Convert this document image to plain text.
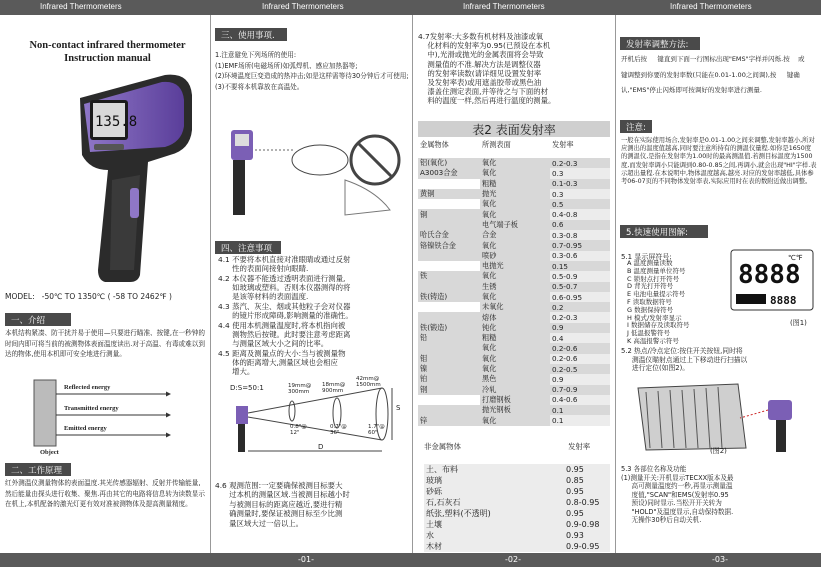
Infrared Thermometers	Infrared Thermometers	Infrared Thermometers	Infrared Thermometers
Non-contact infrared thermometer
Instruction manual
135.8
MODEL:   -50℃ TO 1350℃ ( -58 TO 2462℉ )
一、介绍
本机结构紧凑、防干扰并易于使用—只要进行瞄准、按键,在一秒钟的时间内即可将当前的被测物体表面温度读出.对于高温、有毒或难以到达的物体,使用本机即可安全地进行测量。
Reflected energy
Transmitted energy
Emitted energy
Object
二、工作原理
红外测温仪测量物体的表面温度.其光传感器辐射、反射并传输能量,然后能量由探头进行收集、聚焦.再由其它的电路将信息转为读数显示在机上,本机配备的激光灯更有效对准被测物体及提高测量精度。
三、使用事项.
1.注意避免下列场所的使用:
(1)EMF场所(电磁场所)如弧焊机、感应加热器等;
(2)环境温度巨变造成的热冲击;如是这样需等待30分钟后才可使用;
(3)不要将本机靠放在高温处。
四、注意事项
4.1 不要将本机直接对准眼睛或通过反射
性的表面间接射向眼睛.
4.2 本仪器不能透过透明表面进行测量,
如玻璃或塑料。否则本仪器测得的将
是该等材料的表面温度.
4.3 蒸汽、灰尘、烟或其他粒子会对仪器
的镜片形成障碍,影响测量的准确性。
4.4 使用本机测量温度时,将本机指向被
测物然后按键。此时要注意考虑距离
与测量区域大小之间的比率。
4.5 距离及测量点的大小:当与被测量物
体的距离增大,测量区域也会相应
增大。
D:S=50:1	19mm@
300mm
18mm@
900mm
42mm@
1500mm
0.8"@
12"
0.7"@
36"
1.7"@
60"
S
D
4.6 观测范围:一定要确保被测目标要大
过本机的测量区域.当被测目标越小时
与被测目标的距离应越近,要进行精
确测量时,要保证被测目标至少比测
量区域大过一倍以上。
4.7发射率:大多数有机材料及油漆或氧
化材料的发射率为0.95(已预设在本机
中),光滑或抛光的金属表面将会导致
测量值的不准.解决方法是调整仪器
的发射率读数(请详细见设置发射率
及发射率表)或用遮盖胶带或黑色油
漆盖住测定表面,并等待之与下面的材
料的温度一样,然后再进行温度的测量。
表2 表面发射率
金属物体	所测表面	发射率
铝(氧化)	氧化	0.2-0.3
A3003合金	氧化	0.3
	粗糙	0.1-0.3
黄铜	抛光	0.3
	氧化	0.5
铜	氧化	0.4-0.8
	电气端子板	0.6
哈氏合金	合金	0.3-0.8
铬镍铁合金	氧化	0.7-0.95
	喷砂	0.3-0.6
	电抛光	0.15
铁	氧化	0.5-0.9
	生锈	0.5-0.7
铁(铸造)	氧化	0.6-0.95
	未氧化	0.2
	熔体	0.2-0.3
铁(锻造)	钝化	0.9
铅	粗糙	0.4
	氧化	0.2-0.6
钼	氧化	0.2-0.6
镍	氧化	0.2-0.5
铂	黑色	0.9
钢	冷轧	0.7-0.9
	打磨钢板	0.4-0.6
	抛光钢板	0.1
锌	氧化	0.1
非金属物体	发射率
土、布料	0.95
玻璃	0.85
砂砾	0.95
石,石灰石	0.8-0.95
纸张,塑料(不透明)	0.95
土壤	0.9-0.98
水	0.93
木材	0.9-0.95
发射率调整方法:
开机后按     键直到下面一行图标出现"EMS"字样并闪烁.按    或     键调整到你要的发射率数(只能在0.01-1.00之间调),按     键确认,"EMS"停止闪烁即可按调好的发射率进行测量.
注意:
一般在实际使用场合,发射率是0.01-1.00之间来调整,发射率越小,所对应测出的温度值越高,同时要注意所持有的测温仪量程.如你是1650度的测温仪,是指在发射率为1.00时的最高测温值.若测目标温度为1500度,而发射率调小只能调到0.80-0.85之间,再调小,就会出现"HI"字样.表示超出量程.在本说明中,物体温度越高,越亮.对应的发射率越低,具体参考06-07页的不同物体发射率表,实际应用时在表的数附近做出调整。
5.快速使用图解:
5.1 显示屏符号:
A 温度测量读数
B 温度测量单位符号
C 锁射点打开符号
D 背光打开符号
E 电池电量提示符号
F 读取数据符号
G 数据保持符号
H 模式/发射率显示
I 数据储存及读取符号
J 低温报警符号
K 高温报警示符号
8888
℃℉
8888
(图1)
5.2 热点/冷点定位:按住开关按钮,同时将
测温仪瞄射点通过上下移动进行扫描以
进行定位(如图2)。
(图2)
5.3 各部位名称及功能
(1)测量开关:开机显示TECXX版本及最
高可测量温度约一秒,再显示测量温
度值,"SCAN"和EMS(发射率0.95
预设)同时显示.当松开开关转为
"HOLD"及温度显示,自动保持数据.
无操作30秒后自动关机.
-01-	-02-	-03-
